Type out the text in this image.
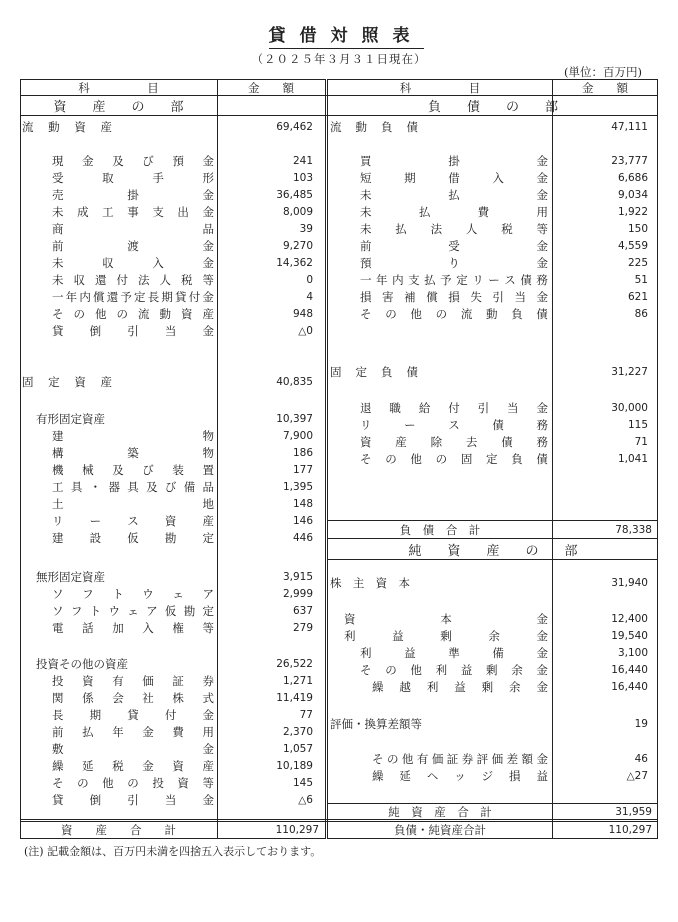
貸借対照表
（２０２５年３月３１日現在）
(単位：百万円)
科　　　　　目	金　　額	科　　　　　目	金　　額
資　　産　　の　　部	負　　債　　の　　部
負　債　合　計	78,338
純　　資　　産　　の　　部
純　資　産　合　計	31,959
資　　産　　合　　計	110,297	負債・純資産合計	110,297
流 動 資 産	69,462
現 金 及 び 預 金	241
受	取	手	形	103
売	掛	金	36,485
未 成 工 事 支 出 金	8,009
商	品	39
前	渡	金	9,270
未	収	入	金	14,362
未 収 還 付 法 人 税 等	0
一 年 内 償 還 予 定 長 期 貸 付 金	4
そ の 他 の 流 動 資 産	948
貸 倒 引 当 金	△0
固 定 資 産	40,835
有形固定資産	10,397
建	物	7,900
構	築	物	186
機 械 及 び 装 置	177
工 具 ・ 器 具 及 び 備 品	1,395
土	地	148
リ ー ス 資 産	146
建 設 仮 勘 定	446
無形固定資産	3,915
ソ フ ト ウ ェ ア	2,999
ソ フ ト ウ ェ ア 仮 勘 定	637
電 話 加 入 権 等	279
投資その他の資産	26,522
投 資 有 価 証 券	1,271
関 係 会 社 株 式	11,419
長 期 貸 付 金	77
前 払 年 金 費 用	2,370
敷	金	1,057
繰 延 税 金 資 産	10,189
そ の 他 の 投 資 等	145
貸 倒 引 当 金	△6
流 動 負 債	47,111
買	掛	金	23,777
短	期	借	入	金	6,686
未	払	金	9,034
未	払	費	用	1,922
未 払 法 人 税 等	150
前	受	金	4,559
預	り	金	225
一 年 内 支 払 予 定 リ ー ス 債 務	51
損 害 補 償 損 失 引 当 金	621
そ の 他 の 流 動 負 債	86
固 定 負 債	31,227
退 職 給 付 引 当 金	30,000
リ	ー	ス	債	務	115
資 産 除 去 債 務	71
そ の 他 の 固 定 負 債	1,041
株 主 資 本	31,940
資	本	金	12,400
利	益	剰	余	金	19,540
利	益	準	備	金	3,100
そ の 他 利 益 剰 余 金	16,440
繰 越 利 益 剰 余 金	16,440
評価・換算差額等	19
そ の 他 有 価 証 券 評 価 差 額 金	46
繰 延 ヘ ッ ジ 損 益	△27
(注) 記載金額は、百万円未満を四捨五入表示しております。
